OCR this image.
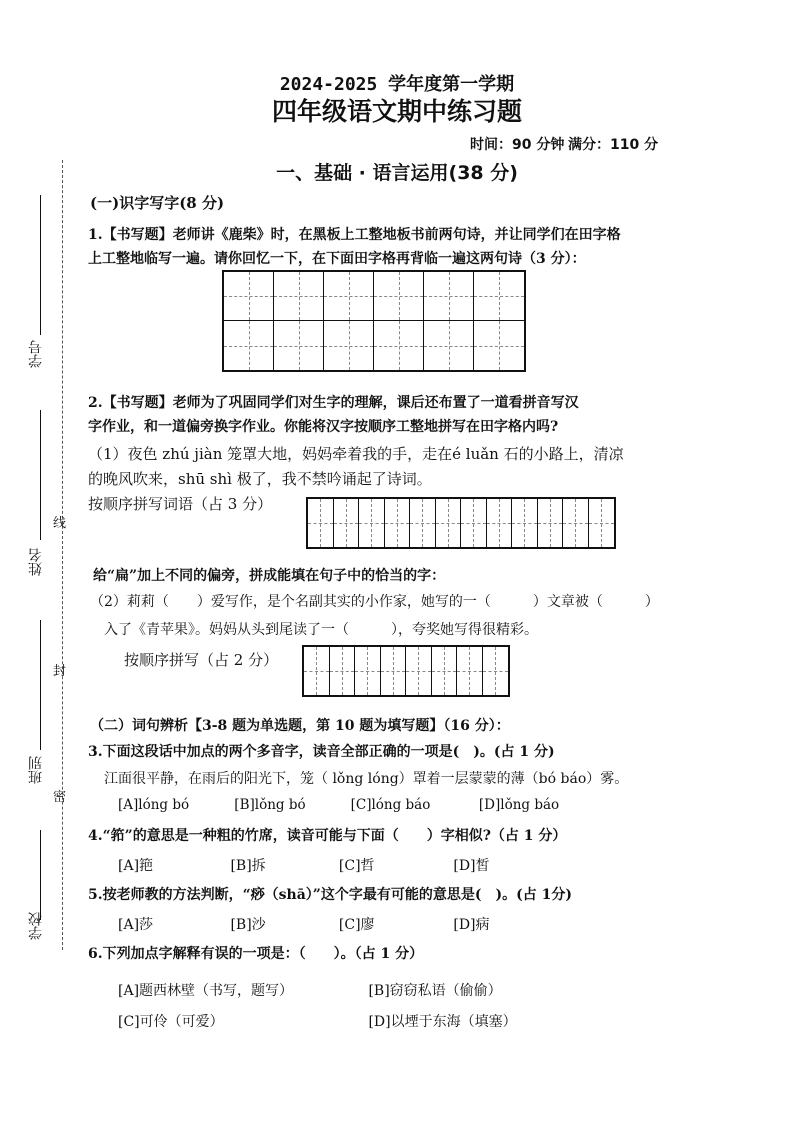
学号
姓名
线
封
班别
密
学校
2024-2025 学年度第一学期
四年级语文期中练习题
时间：90 分钟 满分：110 分
一、基础 · 语言运用(38 分)
(一)识字写字(8 分)
1.【书写题】老师讲《鹿柴》时，在黑板上工整地板书前两句诗，并让同学们在田字格
上工整地临写一遍。请你回忆一下，在下面田字格再背临一遍这两句诗（3 分）：
2.【书写题】老师为了巩固同学们对生字的理解，课后还布置了一道看拼音写汉
字作业，和一道偏旁换字作业。你能将汉字按顺序工整地拼写在田字格内吗?
（1）夜色 zhú jiàn 笼罩大地，妈妈牵着我的手，走在é luǎn 石的小路上，清凉
的晚风吹来，shū shì 极了，我不禁吟诵起了诗词。
按顺序拼写词语（占 3 分）
给“扁”加上不同的偏旁，拼成能填在句子中的恰当的字：
（2）莉莉（　　）爱写作，是个名副其实的小作家，她写的一（　　　）文章被（　　　）
入了《青苹果》。妈妈从头到尾读了一（　　　），夸奖她写得很精彩。
按顺序拼写（占 2 分）
（二）词句辨析【3-8 题为单选题，第 10 题为填写题】（16 分）：
3.下面这段话中加点的两个多音字，读音全部正确的一项是(　)。(占 1 分)
江面很平静，在雨后的阳光下，笼（ lǒng lóng）罩着一层蒙蒙的薄（bó báo）雾。
[A]lóng bó	[B]lǒng bó	[C]lóng báo	[D]lǒng báo
4.“筘”的意思是一种粗的竹席，读音可能与下面（　　）字相似?（占 1 分）
[A]筢	[B]拆	[C]哲	[D]皙
5.按老师教的方法判断，“痧（shā）”这个字最有可能的意思是(　)。(占 1分)
[A]莎	[B]沙	[C]廖	[D]病
6.下列加点字解释有误的一项是：（　　）。（占 1 分）
[A]题西林壁（书写，题写）	[B]窃窃私语（偷偷）
[C]可伶（可爱）	[D]以堙于东海（填塞）
